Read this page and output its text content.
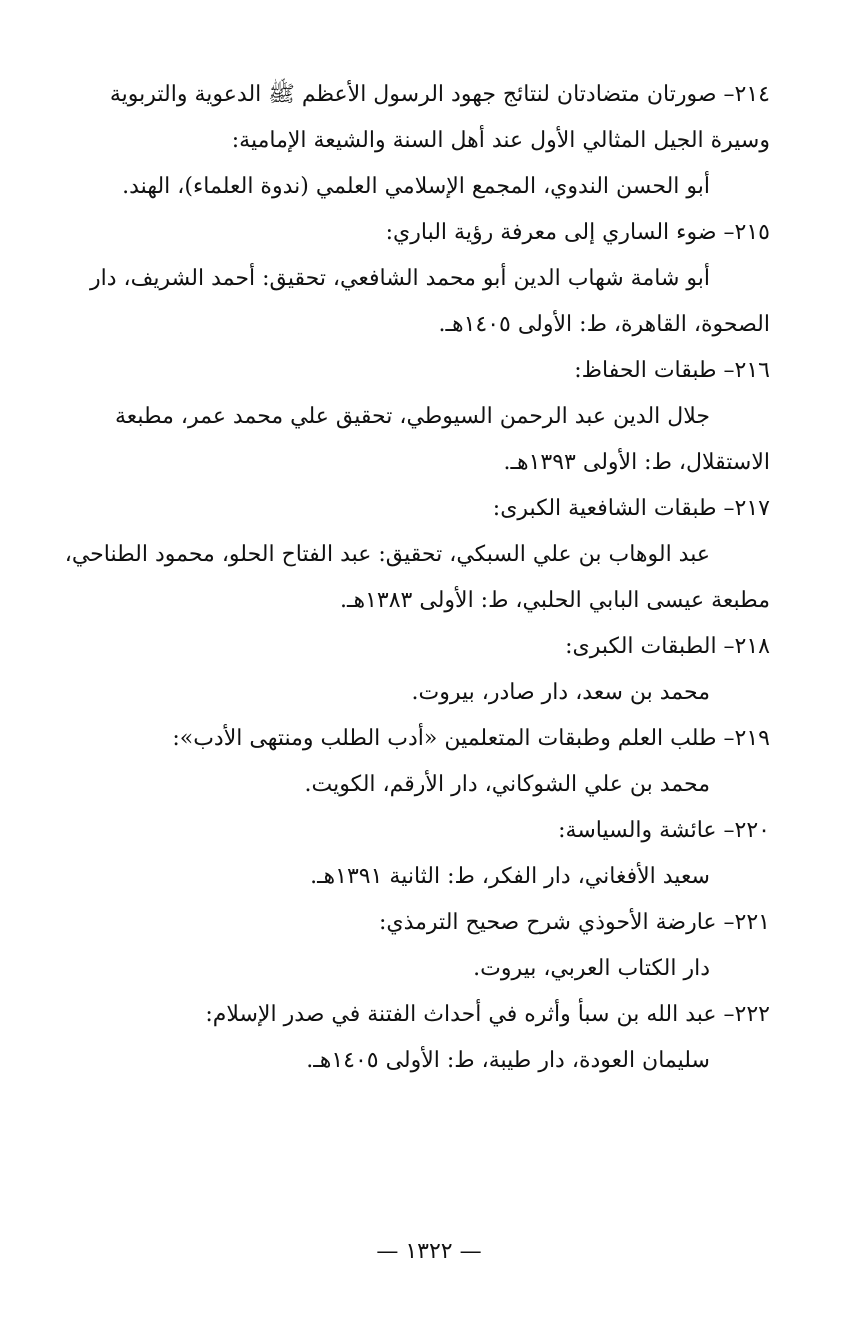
٢١٤– صورتان متضادتان لنتائج جهود الرسول الأعظم ﷺ الدعوية والتربوية
وسيرة الجيل المثالي الأول عند أهل السنة والشيعة الإمامية:
أبو الحسن الندوي، المجمع الإسلامي العلمي (ندوة العلماء)، الهند.
٢١٥– ضوء الساري إلى معرفة رؤية الباري:
أبو شامة شهاب الدين أبو محمد الشافعي، تحقيق: أحمد الشريف، دار
الصحوة، القاهرة، ط: الأولى ١٤٠٥هـ.
٢١٦– طبقات الحفاظ:
جلال الدين عبد الرحمن السيوطي، تحقيق علي محمد عمر، مطبعة
الاستقلال، ط: الأولى ١٣٩٣هـ.
٢١٧– طبقات الشافعية الكبرى:
عبد الوهاب بن علي السبكي، تحقيق: عبد الفتاح الحلو، محمود الطناحي،
مطبعة عيسى البابي الحلبي، ط: الأولى ١٣٨٣هـ.
٢١٨– الطبقات الكبرى:
محمد بن سعد، دار صادر، بيروت.
٢١٩– طلب العلم وطبقات المتعلمين «أدب الطلب ومنتهى الأدب»:
محمد بن علي الشوكاني، دار الأرقم، الكويت.
٢٢٠– عائشة والسياسة:
سعيد الأفغاني، دار الفكر، ط: الثانية ١٣٩١هـ.
٢٢١– عارضة الأحوذي شرح صحيح الترمذي:
دار الكتاب العربي، بيروت.
٢٢٢– عبد الله بن سبأ وأثره في أحداث الفتنة في صدر الإسلام:
سليمان العودة، دار طيبة، ط: الأولى ١٤٠٥هـ.
— ١٣٢٢ —
